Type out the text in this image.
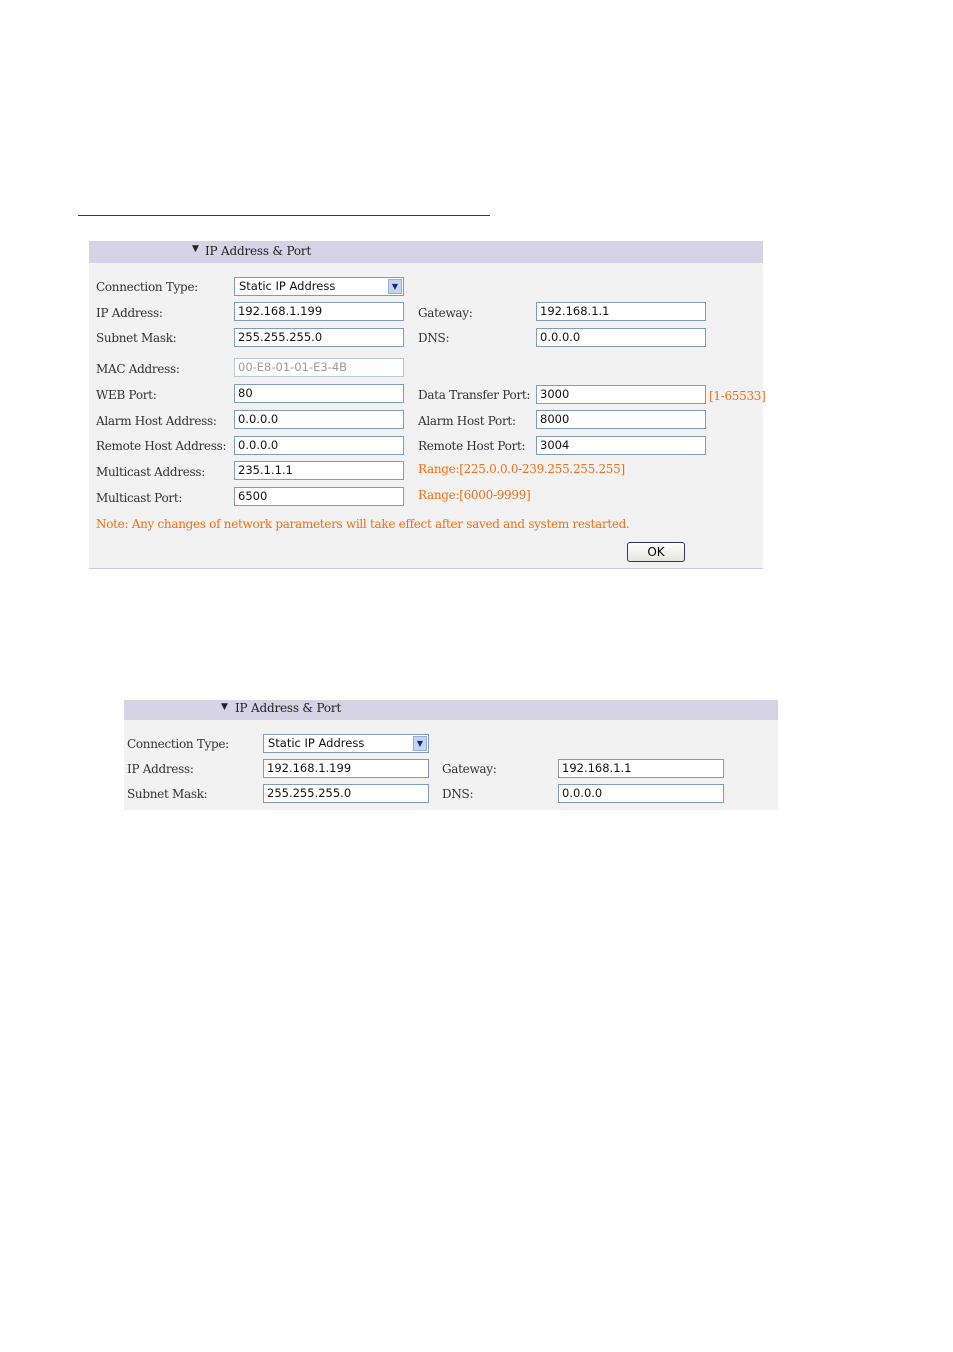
▼ IP Address & Port
Connection Type:	Static IP Address	▼
IP Address:	192.168.1.199	Gateway:	192.168.1.1
Subnet Mask:	255.255.255.0	DNS:	0.0.0.0
MAC Address:	00-E8-01-01-E3-4B
WEB Port:	80	Data Transfer Port: 3000	[1-65533]
Alarm Host Address:	0.0.0.0	Alarm Host Port:	8000
Remote Host Address:	0.0.0.0	Remote Host Port:	3004
Multicast Address:	235.1.1.1	Range:[225.0.0.0-239.255.255.255]
Multicast Port:	6500	Range:[6000-9999]
Note: Any changes of network parameters will take effect after saved and system restarted.
OK
▼ IP Address & Port
Connection Type:	Static IP Address	▼
IP Address:	192.168.1.199	Gateway:	192.168.1.1
Subnet Mask:	255.255.255.0	DNS:	0.0.0.0
